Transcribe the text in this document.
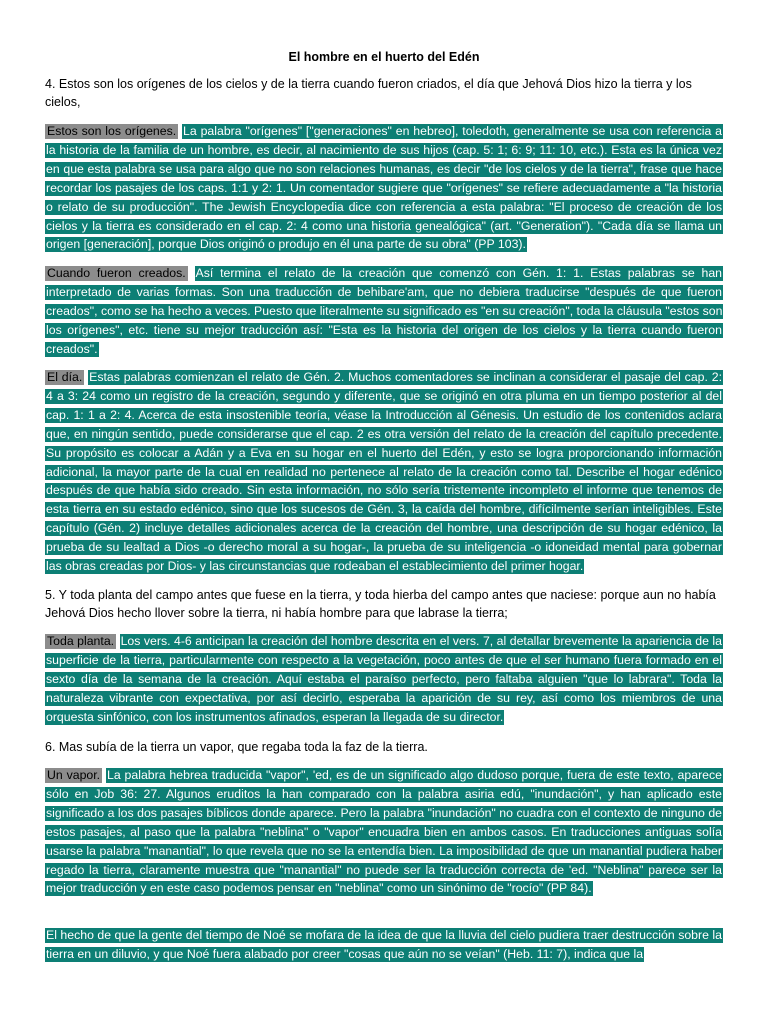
El hombre en el huerto del Edén
4. Estos son los orígenes de los cielos y de la tierra cuando fueron criados, el día que Jehová Dios hizo la tierra y los cielos,
Estos son los orígenes. La palabra "orígenes" ["generaciones" en hebreo], toledoth, generalmente se usa con referencia a la historia de la familia de un hombre, es decir, al nacimiento de sus hijos (cap. 5: 1; 6: 9; 11: 10, etc.). Esta es la única vez en que esta palabra se usa para algo que no son relaciones humanas, es decir "de los cielos y de la tierra", frase que hace recordar los pasajes de los caps. 1:1 y 2: 1. Un comentador sugiere que "orígenes" se refiere adecuadamente a "la historia o relato de su producción". The Jewish Encyclopedia dice con referencia a esta palabra: "El proceso de creación de los cielos y la tierra es considerado en el cap. 2: 4 como una historia genealógica" (art. "Generation"). "Cada día se llama un origen [generación], porque Dios originó o produjo en él una parte de su obra" (PP 103).
Cuando fueron creados. Así termina el relato de la creación que comenzó con Gén. 1: 1. Estas palabras se han interpretado de varias formas. Son una traducción de behibare'am, que no debiera traducirse "después de que fueron creados", como se ha hecho a veces. Puesto que literalmente su significado es "en su creación", toda la cláusula "estos son los orígenes", etc. tiene su mejor traducción así: "Esta es la historia del origen de los cielos y la tierra cuando fueron creados".
El día. Estas palabras comienzan el relato de Gén. 2. Muchos comentadores se inclinan a considerar el pasaje del cap. 2: 4 a 3: 24 como un registro de la creación, segundo y diferente, que se originó en otra pluma en un tiempo posterior al del cap. 1: 1 a 2: 4. Acerca de esta insostenible teoría, véase la Introducción al Génesis. Un estudio de los contenidos aclara que, en ningún sentido, puede considerarse que el cap. 2 es otra versión del relato de la creación del capítulo precedente. Su propósito es colocar a Adán y a Eva en su hogar en el huerto del Edén, y esto se logra proporcionando información adicional, la mayor parte de la cual en realidad no pertenece al relato de la creación como tal. Describe el hogar edénico después de que había sido creado. Sin esta información, no sólo sería tristemente incompleto el informe que tenemos de esta tierra en su estado edénico, sino que los sucesos de Gén. 3, la caída del hombre, difícilmente serían inteligibles. Este capítulo (Gén. 2) incluye detalles adicionales acerca de la creación del hombre, una descripción de su hogar edénico, la prueba de su lealtad a Dios -o derecho moral a su hogar-, la prueba de su inteligencia -o idoneidad mental para gobernar las obras creadas por Dios- y las circunstancias que rodeaban el establecimiento del primer hogar.
5. Y toda planta del campo antes que fuese en la tierra, y toda hierba del campo antes que naciese: porque aun no había Jehová Dios hecho llover sobre la tierra, ni había hombre para que labrase la tierra;
Toda planta. Los vers. 4-6 anticipan la creación del hombre descrita en el vers. 7, al detallar brevemente la apariencia de la superficie de la tierra, particularmente con respecto a la vegetación, poco antes de que el ser humano fuera formado en el sexto día de la semana de la creación. Aquí estaba el paraíso perfecto, pero faltaba alguien "que lo labrara". Toda la naturaleza vibrante con expectativa, por así decirlo, esperaba la aparición de su rey, así como los miembros de una orquesta sinfónico, con los instrumentos afinados, esperan la llegada de su director.
6. Mas subía de la tierra un vapor, que regaba toda la faz de la tierra.
Un vapor. La palabra hebrea traducida "vapor", 'ed, es de un significado algo dudoso porque, fuera de este texto, aparece sólo en Job 36: 27. Algunos eruditos la han comparado con la palabra asiria edú, "inundación", y han aplicado este significado a los dos pasajes bíblicos donde aparece. Pero la palabra "inundación" no cuadra con el contexto de ninguno de estos pasajes, al paso que la palabra "neblina" o "vapor" encuadra bien en ambos casos. En traducciones antiguas solía usarse la palabra "manantial", lo que revela que no se la entendía bien. La imposibilidad de que un manantial pudiera haber regado la tierra, claramente muestra que "manantial" no puede ser la traducción correcta de 'ed. "Neblina" parece ser la mejor traducción y en este caso podemos pensar en "neblina" como un sinónimo de "rocío" (PP 84).
El hecho de que la gente del tiempo de Noé se mofara de la idea de que la lluvia del cielo pudiera traer destrucción sobre la tierra en un diluvio, y que Noé fuera alabado por creer "cosas que aún no se veían" (Heb. 11: 7), indica que la
